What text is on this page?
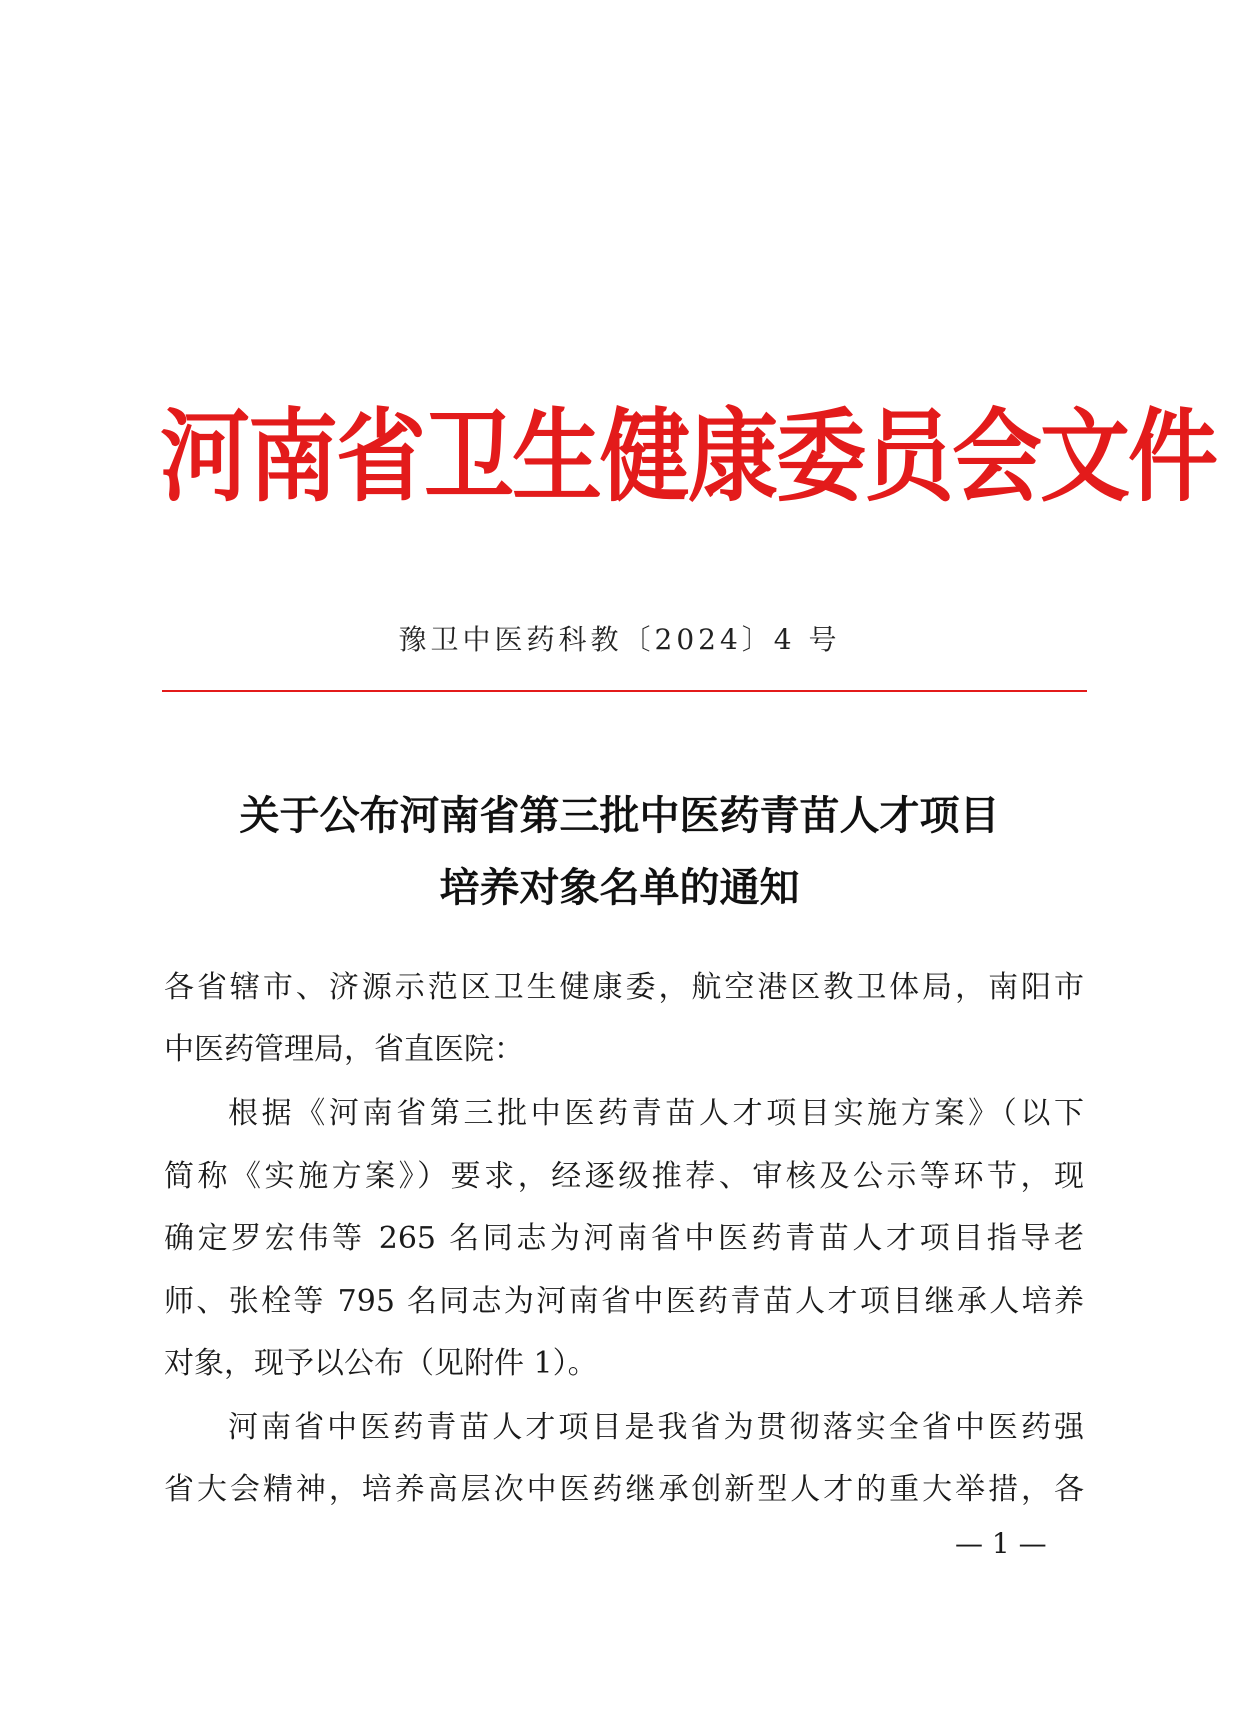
河南省卫生健康委员会文件
豫卫中医药科教〔2024〕4 号
关于公布河南省第三批中医药青苗人才项目
培养对象名单的通知
各省辖市、济源示范区卫生健康委，航空港区教卫体局，南阳市
中医药管理局，省直医院：
根据《河南省第三批中医药青苗人才项目实施方案》（以下
简称《实施方案》）要求，经逐级推荐、审核及公示等环节，现
确定罗宏伟等 265 名同志为河南省中医药青苗人才项目指导老
师、张栓等 795 名同志为河南省中医药青苗人才项目继承人培养
对象，现予以公布（见附件 1）。
河南省中医药青苗人才项目是我省为贯彻落实全省中医药强
省大会精神，培养高层次中医药继承创新型人才的重大举措，各
— 1 —
